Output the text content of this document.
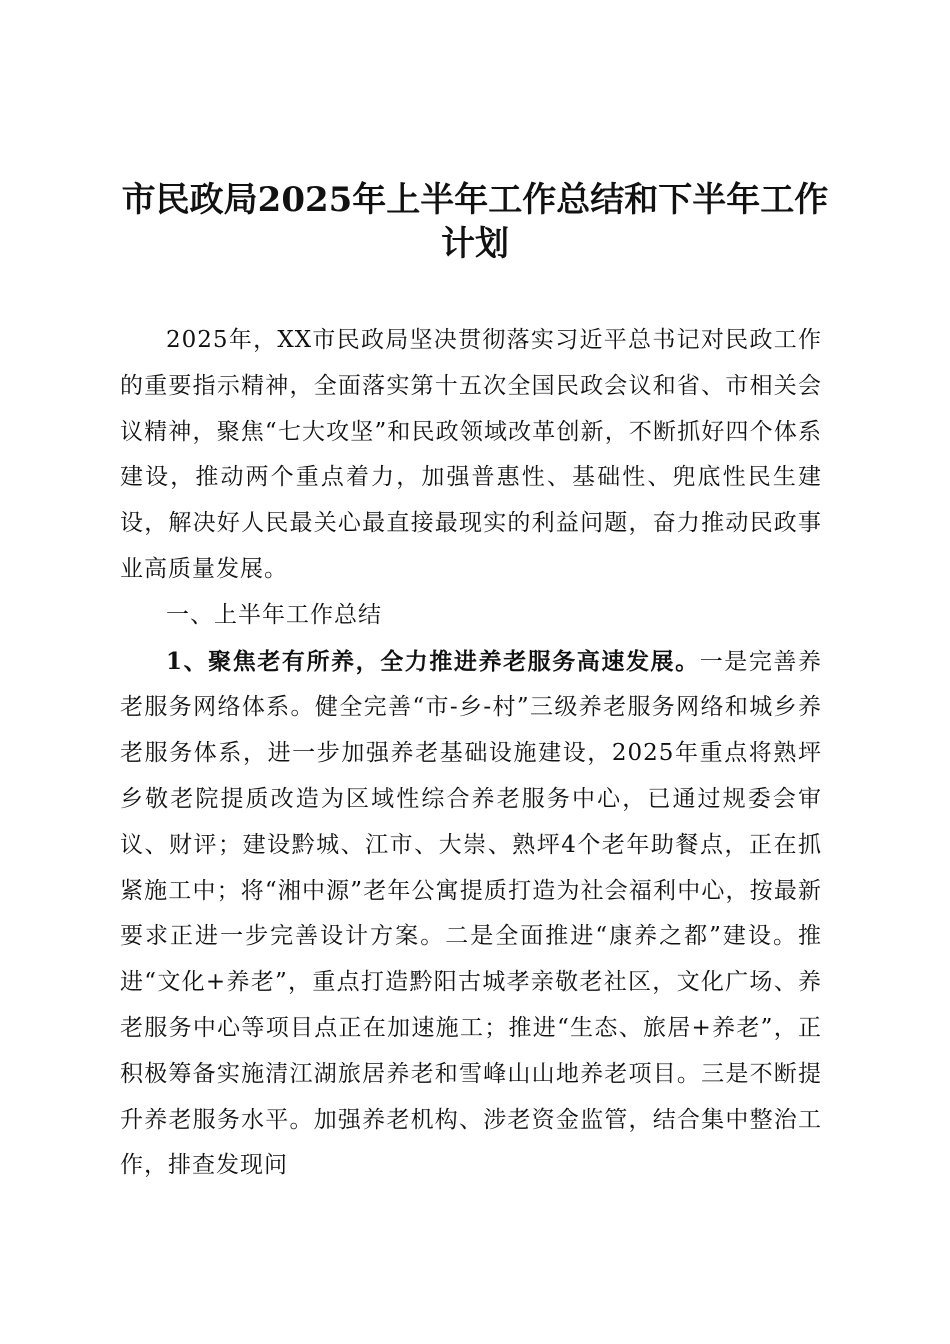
市民政局2025年上半年工作总结和下半年工作计划

2025年，XX市民政局坚决贯彻落实习近平总书记对民政工作的重要指示精神，全面落实第十五次全国民政会议和省、市相关会议精神，聚焦“七大攻坚”和民政领域改革创新，不断抓好四个体系建设，推动两个重点着力，加强普惠性、基础性、兜底性民生建设，解决好人民最关心最直接最现实的利益问题，奋力推动民政事业高质量发展。

一、上半年工作总结

1、聚焦老有所养，全力推进养老服务高速发展。一是完善养老服务网络体系。健全完善“市-乡-村”三级养老服务网络和城乡养老服务体系，进一步加强养老基础设施建设，2025年重点将熟坪乡敬老院提质改造为区域性综合养老服务中心，已通过规委会审议、财评；建设黔城、江市、大崇、熟坪4个老年助餐点，正在抓紧施工中；将“湘中源”老年公寓提质打造为社会福利中心，按最新要求正进一步完善设计方案。二是全面推进“康养之都”建设。推进“文化+养老”，重点打造黔阳古城孝亲敬老社区，文化广场、养老服务中心等项目点正在加速施工；推进“生态、旅居+养老”，正积极筹备实施清江湖旅居养老和雪峰山山地养老项目。三是不断提升养老服务水平。加强养老机构、涉老资金监管，结合集中整治工作，排查发现问
